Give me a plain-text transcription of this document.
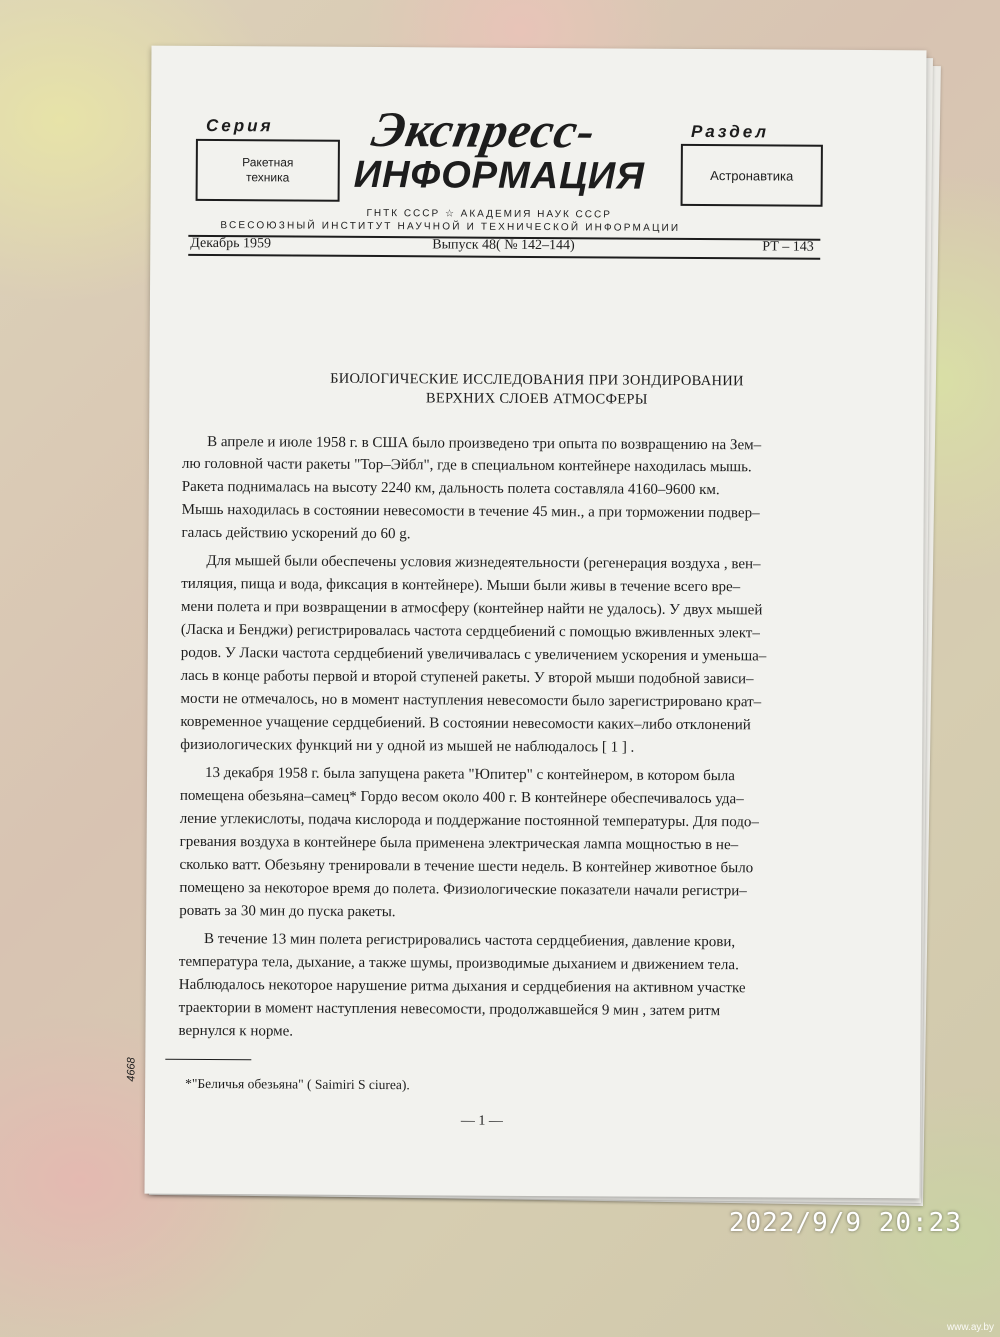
Серия
Ракетная
техника
Экспресс-
ИНФОРМАЦИЯ
Раздел
Астронавтика
ГНТК СССР ☆ АКАДЕМИЯ НАУК СССР
ВСЕСОЮЗНЫЙ ИНСТИТУТ НАУЧНОЙ И ТЕХНИЧЕСКОЙ ИНФОРМАЦИИ
Декабрь 1959	Выпуск 48( № 142–144)	РТ – 143
БИОЛОГИЧЕСКИЕ ИССЛЕДОВАНИЯ ПРИ ЗОНДИРОВАНИИ
ВЕРХНИХ СЛОЕВ АТМОСФЕРЫ
В апреле и июле 1958 г. в США было произведено три опыта по возвращению на Зем–
лю головной части ракеты "Тор–Эйбл", где в специальном контейнере находилась мышь.
Ракета поднималась на высоту 2240 км, дальность полета составляла 4160–9600 км.
Мышь находилась в состоянии невесомости в течение 45 мин., а при торможении подвер–
галась действию ускорений до 60 g.
Для мышей были обеспечены условия жизнедеятельности (регенерация воздуха , вен–
тиляция, пища и вода, фиксация в контейнере). Мыши были живы в течение всего вре–
мени полета и при возвращении в атмосферу (контейнер найти не удалось). У двух мышей
(Ласка и Бенджи) регистрировалась частота сердцебиений с помощью вживленных элект–
родов. У Ласки частота сердцебиений увеличивалась с увеличением ускорения и уменьша–
лась в конце работы первой и второй ступеней ракеты. У второй мыши подобной зависи–
мости не отмечалось, но в момент наступления невесомости было зарегистрировано крат–
ковременное учащение сердцебиений. В состоянии невесомости каких–либо отклонений
физиологических функций ни у одной из мышей не наблюдалось [ 1 ] .
13 декабря 1958 г. была запущена ракета "Юпитер" с контейнером, в котором была
помещена обезьяна–самец* Гордо весом около 400 г. В контейнере обеспечивалось уда–
ление углекислоты, подача кислорода и поддержание постоянной температуры. Для подо–
гревания воздуха в контейнере была применена электрическая лампа мощностью в не–
сколько ватт. Обезьяну тренировали в течение шести недель. В контейнер животное было
помещено за некоторое время до полета. Физиологические показатели начали регистри–
ровать за 30 мин до пуска ракеты.
В течение 13 мин полета регистрировались частота сердцебиения, давление крови,
температура тела, дыхание, а также шумы, производимые дыханием и движением тела.
Наблюдалось некоторое нарушение ритма дыхания и сердцебиения на активном участке
траектории в момент наступления невесомости, продолжавшейся 9 мин , затем ритм
вернулся к норме.
*"Беличья обезьяна" ( Saimiri S ciurea).
4668
— 1 —
2022/9/9 20:23
www.ay.by
